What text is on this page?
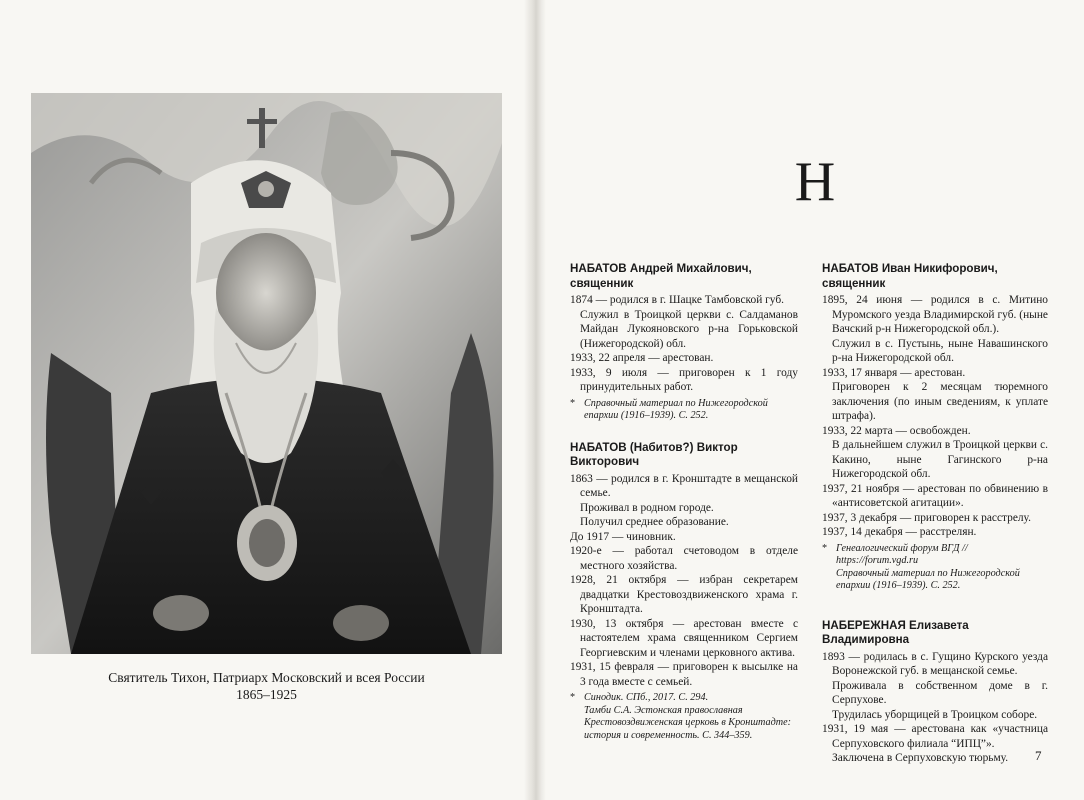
Святитель Тихон, Патриарх Московский и всея России
1865–1925
Н
НАБАТОВ Андрей Михайлович, священник
1874 — родился в г. Шацке Тамбовской губ.
Служил в Троицкой церкви с. Салдаманов Майдан Лукояновского р-на Горьковской (Нижегородской) обл.
1933, 22 апреля — арестован.
1933, 9 июля — приговорен к 1 году принудительных работ.
* Справочный материал по Нижегородской епархии (1916–1939). С. 252.
НАБАТОВ (Набитов?) Виктор Викторович
1863 — родился в г. Кронштадте в мещанской семье.
Проживал в родном городе.
Получил среднее образование.
До 1917 — чиновник.
1920-е — работал счетоводом в отделе местного хозяйства.
1928, 21 октября — избран секретарем двадцатки Крестовоздвиженского храма г. Кронштадта.
1930, 13 октября — арестован вместе с настоятелем храма священником Сергием Георгиевским и членами церковного актива.
1931, 15 февраля — приговорен к высылке на 3 года вместе с семьей.
* Синодик. СПб., 2017. С. 294.
Тамби С.А. Эстонская православная Крестовоздвиженская церковь в Кронштадте: история и современность. С. 344–359.
НАБАТОВ Иван Никифорович, священник
1895, 24 июня — родился в с. Митино Муромского уезда Владимирской губ. (ныне Вачский р-н Нижегородской обл.).
Служил в с. Пустынь, ныне Навашинского р-на Нижегородской обл.
1933, 17 января — арестован.
Приговорен к 2 месяцам тюремного заключения (по иным сведениям, к уплате штрафа).
1933, 22 марта — освобожден.
В дальнейшем служил в Троицкой церкви с. Какино, ныне Гагинского р-на Нижегородской обл.
1937, 21 ноября — арестован по обвинению в «антисоветской агитации».
1937, 3 декабря — приговорен к расстрелу.
1937, 14 декабря — расстрелян.
* Генеалогический форум ВГД // https://forum.vgd.ru
Справочный материал по Нижегородской епархии (1916–1939). С. 252.
НАБЕРЕЖНАЯ Елизавета Владимировна
1893 — родилась в с. Гущино Курского уезда Воронежской губ. в мещанской семье.
Проживала в собственном доме в г. Серпухове.
Трудилась уборщицей в Троицком соборе.
1931, 19 мая — арестована как «участница Серпуховского филиала “ИПЦ”».
Заключена в Серпуховскую тюрьму.	7
